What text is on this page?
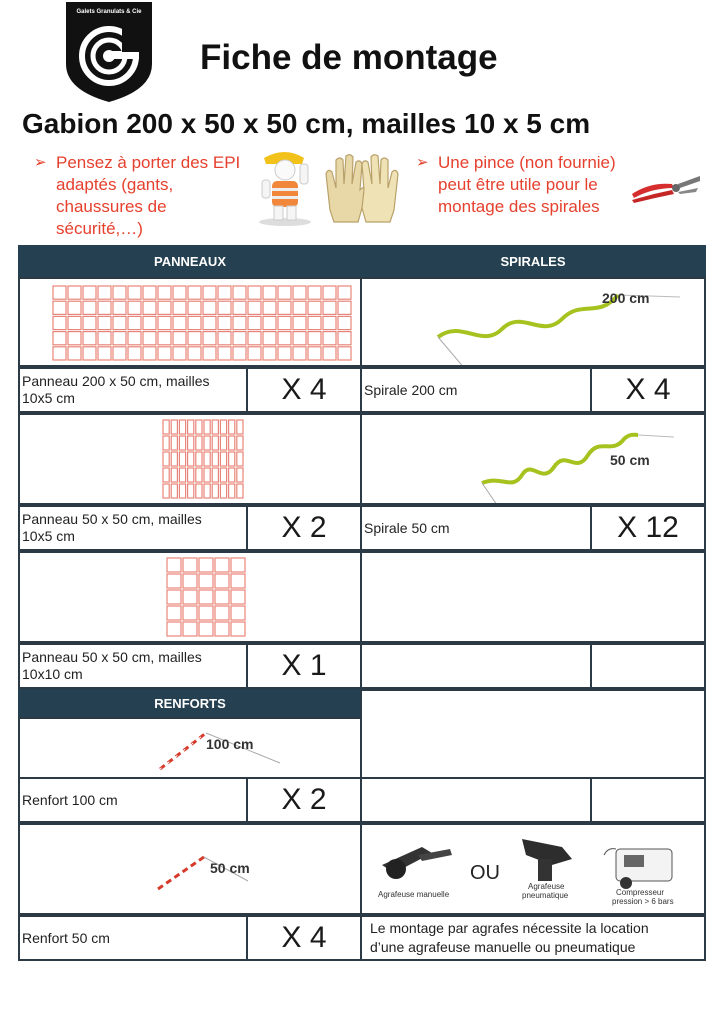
Galets Granulats & Cie
Fiche de montage
Gabion 200 x 50 x 50 cm, mailles 10 x 5 cm
➢ Pensez à porter des EPI
adaptés (gants,
chaussures de
sécurité,…)
➢ Une pince (non fournie)
peut être utile pour le
montage des spirales
PANNEAUX
Panneau 200 x 50 cm, mailles
10x5 cm	X 4
Panneau 50 x 50 cm, mailles
10x5 cm	X 2
Panneau 50 x 50 cm, mailles
10x10 cm	X 1
RENFORTS
100 cm
Renfort 100 cm	X 2
50 cm
Renfort 50 cm	X 4
SPIRALES
200 cm
Spirale 200 cm	X 4
50 cm
Spirale 50 cm	X 12
Agrafeuse manuelle
OU
Agrafeuse
pneumatique	Compresseur
pression > 6 bars
Le montage par agrafes nécessite la location
d’une agrafeuse manuelle ou pneumatique
